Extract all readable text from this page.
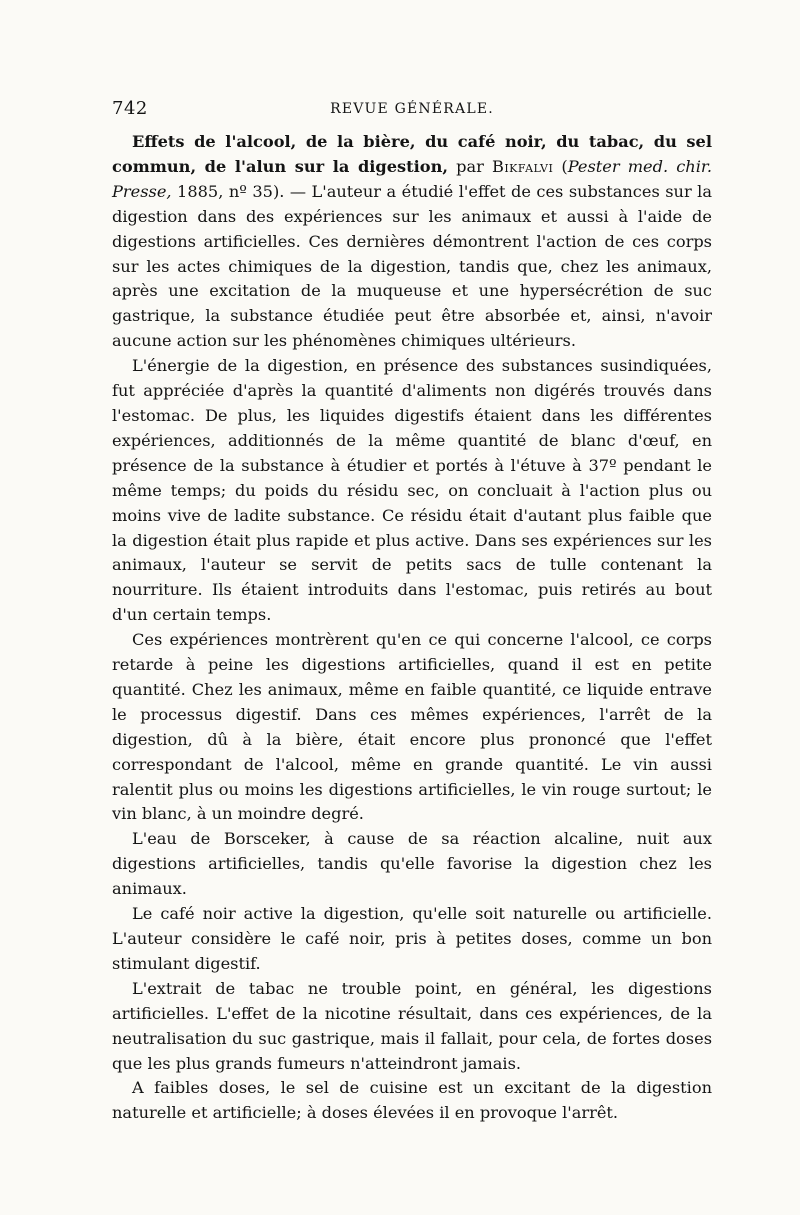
742	REVUE GÉNÉRALE.

Effets de l'alcool, de la bière, du café noir, du tabac, du sel commun, de l'alun sur la digestion, par Bikfalvi (Pester med. chir. Presse, 1885, nº 35). — L'auteur a étudié l'effet de ces substances sur la digestion dans des expériences sur les animaux et aussi à l'aide de digestions artificielles. Ces dernières démontrent l'action de ces corps sur les actes chimiques de la digestion, tandis que, chez les animaux, après une excitation de la muqueuse et une hypersécrétion de suc gastrique, la substance étudiée peut être absorbée et, ainsi, n'avoir aucune action sur les phénomènes chimiques ultérieurs.

L'énergie de la digestion, en présence des substances susindiquées, fut appréciée d'après la quantité d'aliments non digérés trouvés dans l'estomac. De plus, les liquides digestifs étaient dans les différentes expériences, additionnés de la même quantité de blanc d'œuf, en présence de la substance à étudier et portés à l'étuve à 37º pendant le même temps; du poids du résidu sec, on concluait à l'action plus ou moins vive de ladite substance. Ce résidu était d'autant plus faible que la digestion était plus rapide et plus active. Dans ses expériences sur les animaux, l'auteur se servit de petits sacs de tulle contenant la nourriture. Ils étaient introduits dans l'estomac, puis retirés au bout d'un certain temps.

Ces expériences montrèrent qu'en ce qui concerne l'alcool, ce corps retarde à peine les digestions artificielles, quand il est en petite quantité. Chez les animaux, même en faible quantité, ce liquide entrave le processus digestif. Dans ces mêmes expériences, l'arrêt de la digestion, dû à la bière, était encore plus prononcé que l'effet correspondant de l'alcool, même en grande quantité. Le vin aussi ralentit plus ou moins les digestions artificielles, le vin rouge surtout; le vin blanc, à un moindre degré.

L'eau de Borsceker, à cause de sa réaction alcaline, nuit aux digestions artificielles, tandis qu'elle favorise la digestion chez les animaux.

Le café noir active la digestion, qu'elle soit naturelle ou artificielle. L'auteur considère le café noir, pris à petites doses, comme un bon stimulant digestif.

L'extrait de tabac ne trouble point, en général, les digestions artificielles. L'effet de la nicotine résultait, dans ces expériences, de la neutralisation du suc gastrique, mais il fallait, pour cela, de fortes doses que les plus grands fumeurs n'atteindront jamais.

A faibles doses, le sel de cuisine est un excitant de la digestion naturelle et artificielle; à doses élevées il en provoque l'arrêt.
